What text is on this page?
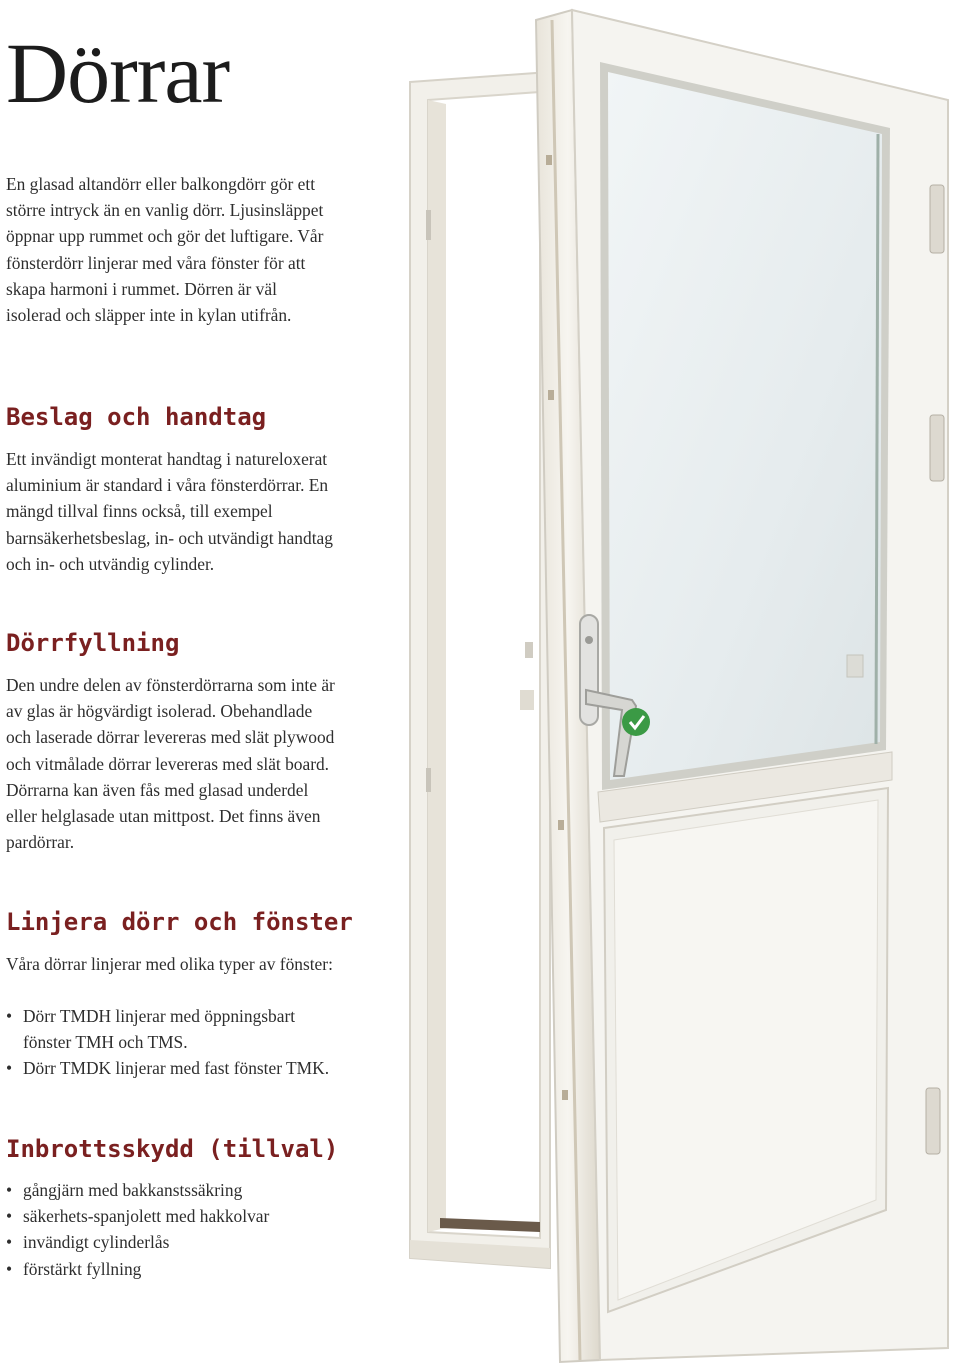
Dörrar

En glasad altandörr eller balkongdörr gör ett större intryck än en vanlig dörr. Ljusinsläppet öppnar upp rummet och gör det luftigare. Vår fönsterdörr linjerar med våra fönster för att skapa harmoni i rummet. Dörren är väl isolerad och släpper inte in kylan utifrån.

Beslag och handtag

Ett invändigt monterat handtag i natureloxerat aluminium är standard i våra fönsterdörrar. En mängd tillval finns också, till exempel barnsäkerhetsbeslag, in- och utvändigt handtag och in- och utvändig cylinder.

Dörrfyllning

Den undre delen av fönsterdörrarna som inte är av glas är högvärdigt isolerad. Obehandlade och laserade dörrar levereras med slät plywood och vitmålade dörrar levereras med slät board. Dörrarna kan även fås med glasad underdel eller helglasade utan mittpost. Det finns även pardörrar.

Linjera dörr och fönster

Våra dörrar linjerar med olika typer av fönster:

• Dörr TMDH linjerar med öppningsbart fönster TMH och TMS.
• Dörr TMDK linjerar med fast fönster TMK.
Inbrottsskydd (tillval)
• gångjärn med bakkanstssäkring
• säkerhets-spanjolett med hakkolvar
• invändigt cylinderlås
• förstärkt fyllning
